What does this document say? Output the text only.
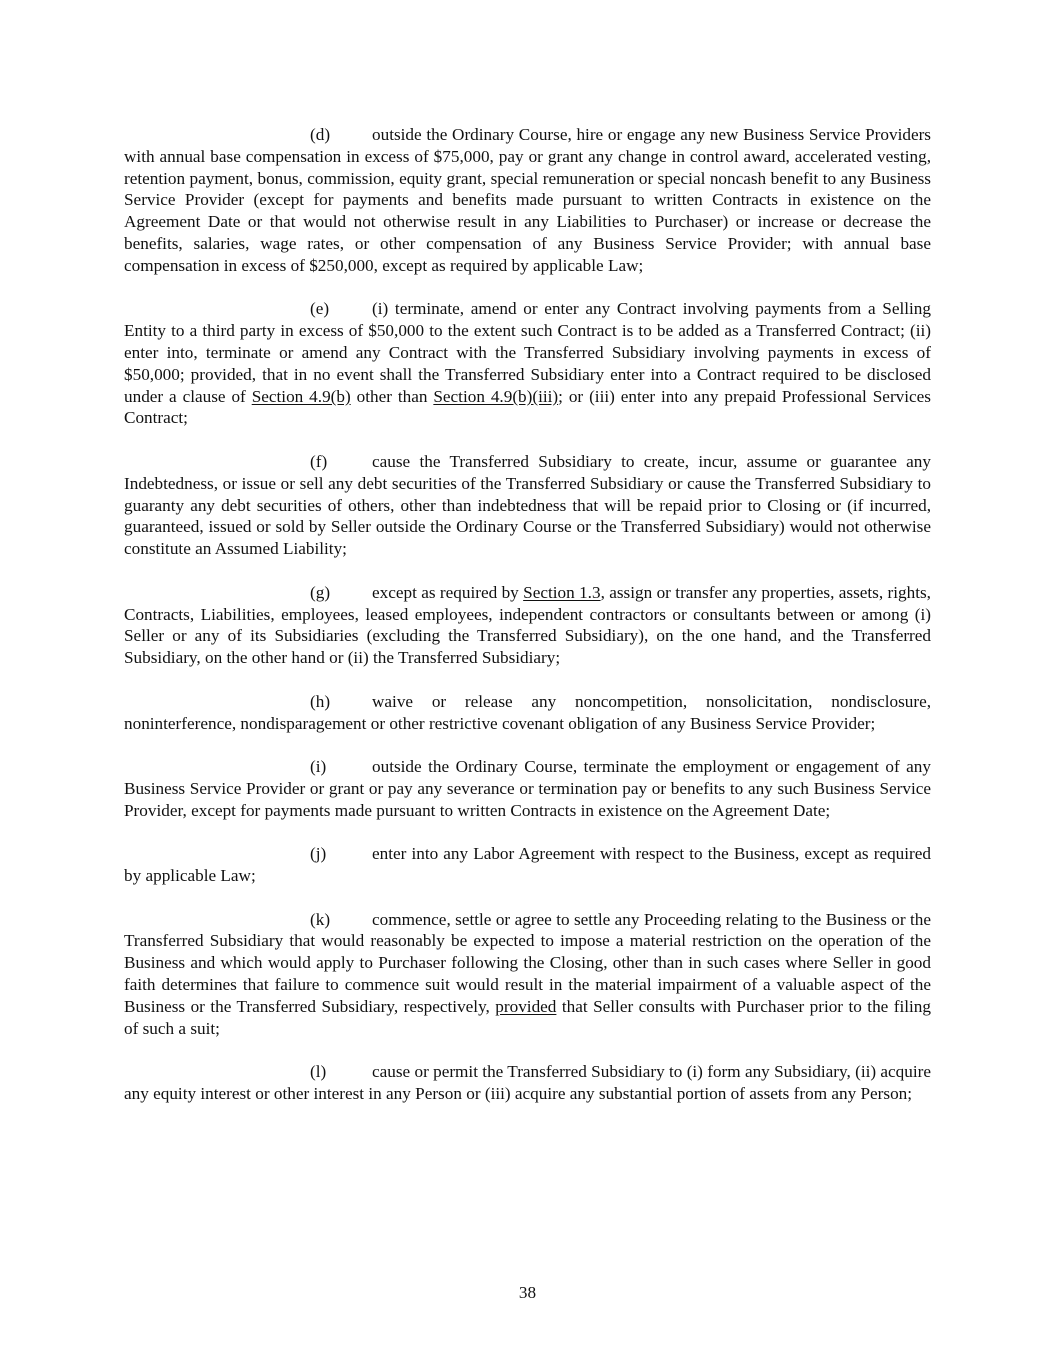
(d) outside the Ordinary Course, hire or engage any new Business Service Providers with annual base compensation in excess of $75,000, pay or grant any change in control award, accelerated vesting, retention payment, bonus, commission, equity grant, special remuneration or special noncash benefit to any Business Service Provider (except for payments and benefits made pursuant to written Contracts in existence on the Agreement Date or that would not otherwise result in any Liabilities to Purchaser) or increase or decrease the benefits, salaries, wage rates, or other compensation of any Business Service Provider; with annual base compensation in excess of $250,000, except as required by applicable Law;

(e) (i) terminate, amend or enter any Contract involving payments from a Selling Entity to a third party in excess of $50,000 to the extent such Contract is to be added as a Transferred Contract; (ii) enter into, terminate or amend any Contract with the Transferred Subsidiary involving payments in excess of $50,000; provided, that in no event shall the Transferred Subsidiary enter into a Contract required to be disclosed under a clause of Section 4.9(b) other than Section 4.9(b)(iii); or (iii) enter into any prepaid Professional Services Contract;

(f)	cause the Transferred Subsidiary to create, incur, assume or guarantee any Indebtedness, or issue or sell any debt securities of the Transferred Subsidiary or cause the Transferred Subsidiary to guaranty any debt securities of others, other than indebtedness that will be repaid prior to Closing or (if incurred, guaranteed, issued or sold by Seller outside the Ordinary Course or the Transferred Subsidiary) would not otherwise constitute an Assumed Liability;

(g) except as required by Section 1.3, assign or transfer any properties, assets, rights, Contracts, Liabilities, employees, leased employees, independent contractors or consultants between or among (i) Seller or any of its Subsidiaries (excluding the Transferred Subsidiary), on the one hand, and the Transferred Subsidiary, on the other hand or (ii) the Transferred Subsidiary;

(h) waive or release any noncompetition, nonsolicitation, nondisclosure, noninterference, nondisparagement or other restrictive covenant obligation of any Business Service Provider;

(i)	outside the Ordinary Course, terminate the employment or engagement of any Business Service Provider or grant or pay any severance or termination pay or benefits to any such Business Service Provider, except for payments made pursuant to written Contracts in existence on the Agreement Date;

(j)	enter into any Labor Agreement with respect to the Business, except as required by applicable Law;

(k) commence, settle or agree to settle any Proceeding relating to the Business or the Transferred Subsidiary that would reasonably be expected to impose a material restriction on the operation of the Business and which would apply to Purchaser following the Closing, other than in such cases where Seller in good faith determines that failure to commence suit would result in the material impairment of a valuable aspect of the Business or the Transferred Subsidiary, respectively, provided that Seller consults with Purchaser prior to the filing of such a suit;

(l)	cause or permit the Transferred Subsidiary to (i) form any Subsidiary, (ii) acquire any equity interest or other interest in any Person or (iii) acquire any substantial portion of assets from any Person;

38
